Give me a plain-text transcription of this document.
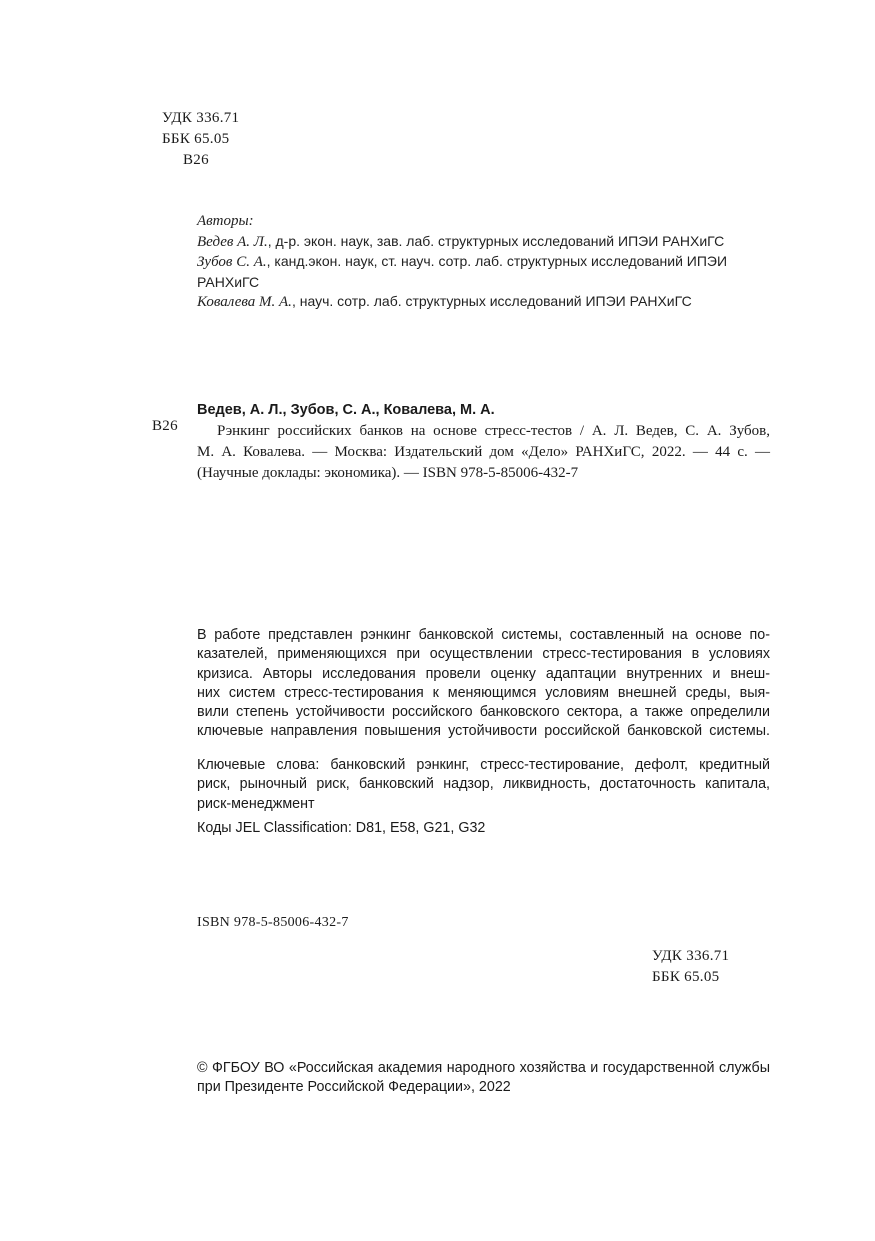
УДК 336.71
ББК 65.05
В26
Авторы:
Ведев А. Л., д-р. экон. наук, зав. лаб. структурных исследований ИПЭИ РАНХиГС
Зубов С. А., канд.экон. наук, ст. науч. сотр. лаб. структурных исследований ИПЭИ
РАНХиГС
Ковалева М. А., науч. сотр. лаб. структурных исследований ИПЭИ РАНХиГС
В26
Ведев, А. Л., Зубов, С. А., Ковалева, М. А.
Рэнкинг российских банков на основе стресс-тестов / А. Л. Ведев, С. А. Зубов,
М. А. Ковалева. — Москва: Издательский дом «Дело» РАНХиГС, 2022. — 44 с. —
(Научные доклады: экономика). — ISBN 978-5-85006-432-7
В работе представлен рэнкинг банковской системы, составленный на основе по-
казателей, применяющихся при осуществлении стресс-тестирования в условиях
кризиса. Авторы исследования провели оценку адаптации внутренних и внеш-
них систем стресс-тестирования к меняющимся условиям внешней среды, выя-
вили степень устойчивости российского банковского сектора, а также определили
ключевые направления повышения устойчивости российской банковской системы.
Ключевые слова: банковский рэнкинг, стресс-тестирование, дефолт, кредитный
риск, рыночный риск, банковский надзор, ликвидность, достаточность капитала,
риск-менеджмент
Коды JEL Classification: D81, E58, G21, G32
ISBN 978-5-85006-432-7
УДК 336.71
ББК 65.05
© ФГБОУ ВО «Российская академия народного хозяйства и государственной службы
при Президенте Российской Федерации», 2022
